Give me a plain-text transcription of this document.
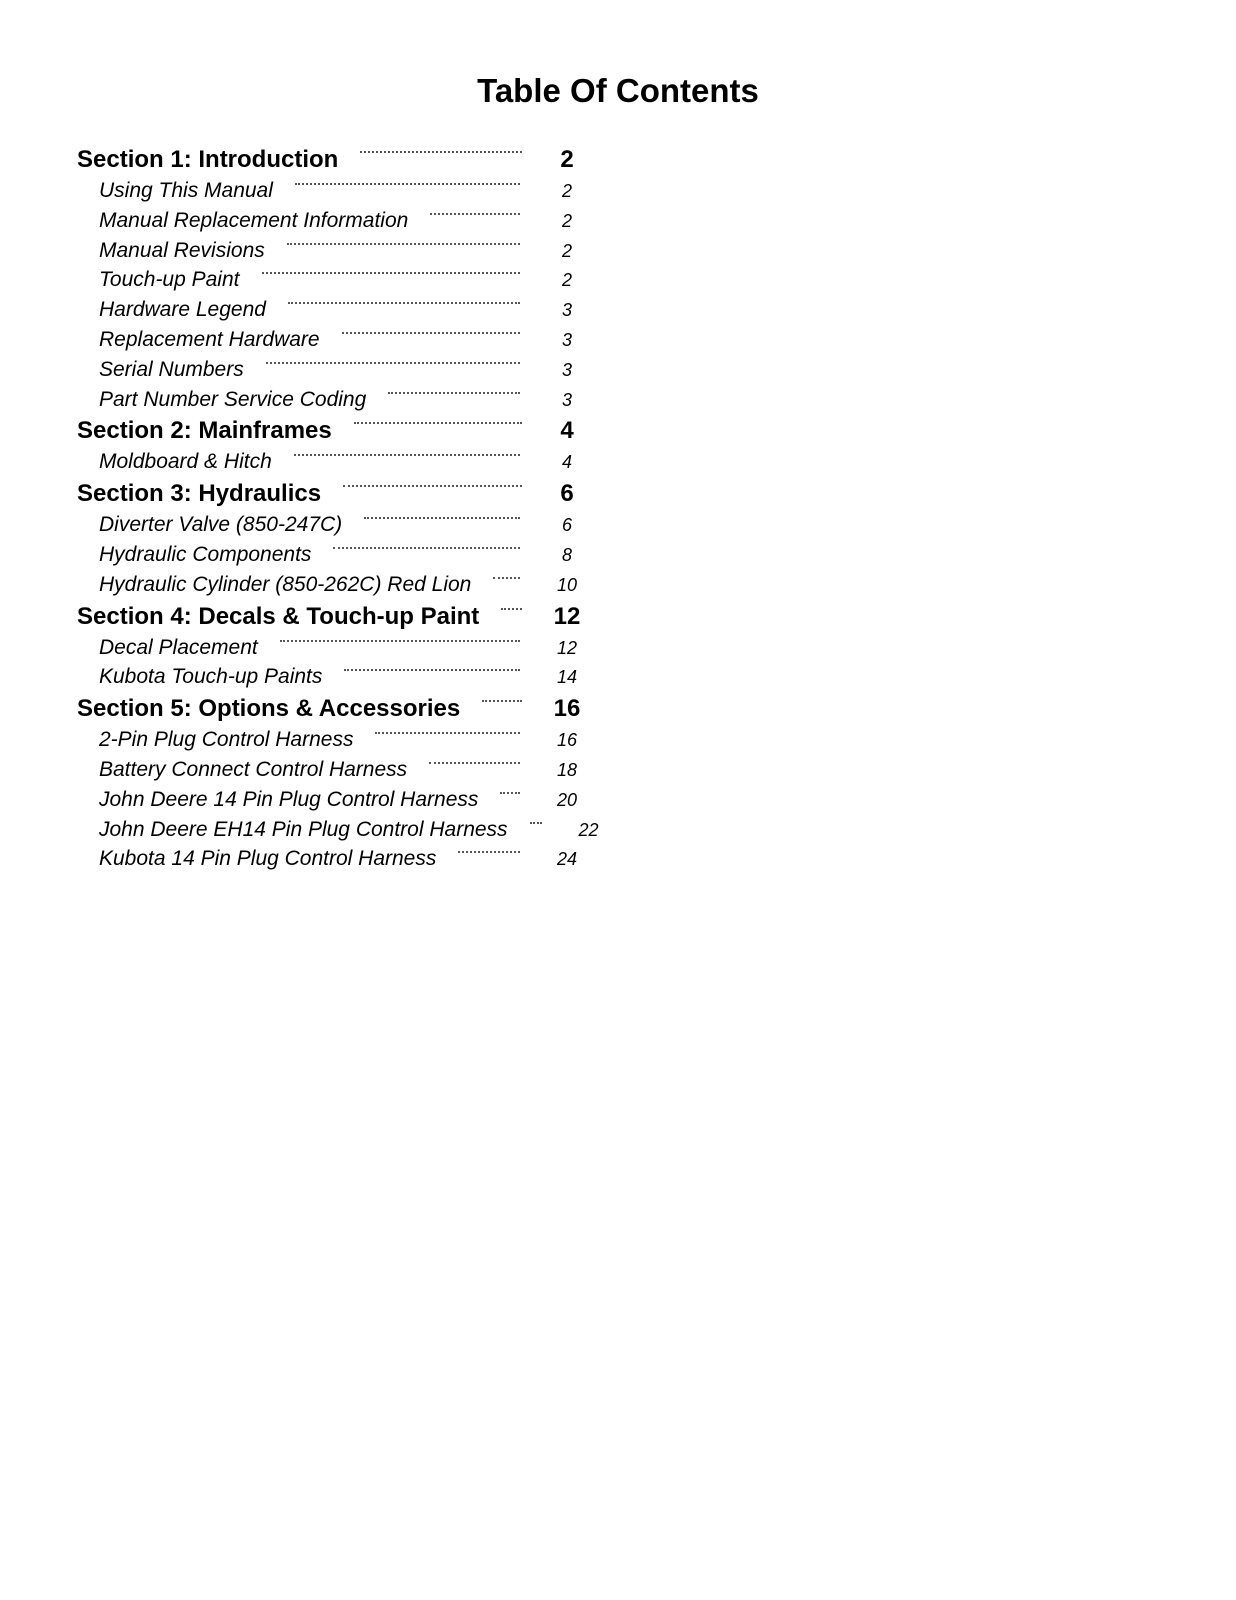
Table Of Contents
Section 1: Introduction	2
Using This Manual	2
Manual Replacement Information	2
Manual Revisions	2
Touch-up Paint	2
Hardware Legend	3
Replacement Hardware	3
Serial Numbers	3
Part Number Service Coding	3
Section 2: Mainframes	4
Moldboard & Hitch	4
Section 3: Hydraulics	6
Diverter Valve (850-247C)	6
Hydraulic Components	8
Hydraulic Cylinder (850-262C) Red Lion	10
Section 4: Decals & Touch-up Paint	12
Decal Placement	12
Kubota Touch-up Paints	14
Section 5: Options & Accessories	16
2-Pin Plug Control Harness	16
Battery Connect Control Harness	18
John Deere 14 Pin Plug Control Harness	20
John Deere EH14 Pin Plug Control Harness	22
Kubota 14 Pin Plug Control Harness	24
